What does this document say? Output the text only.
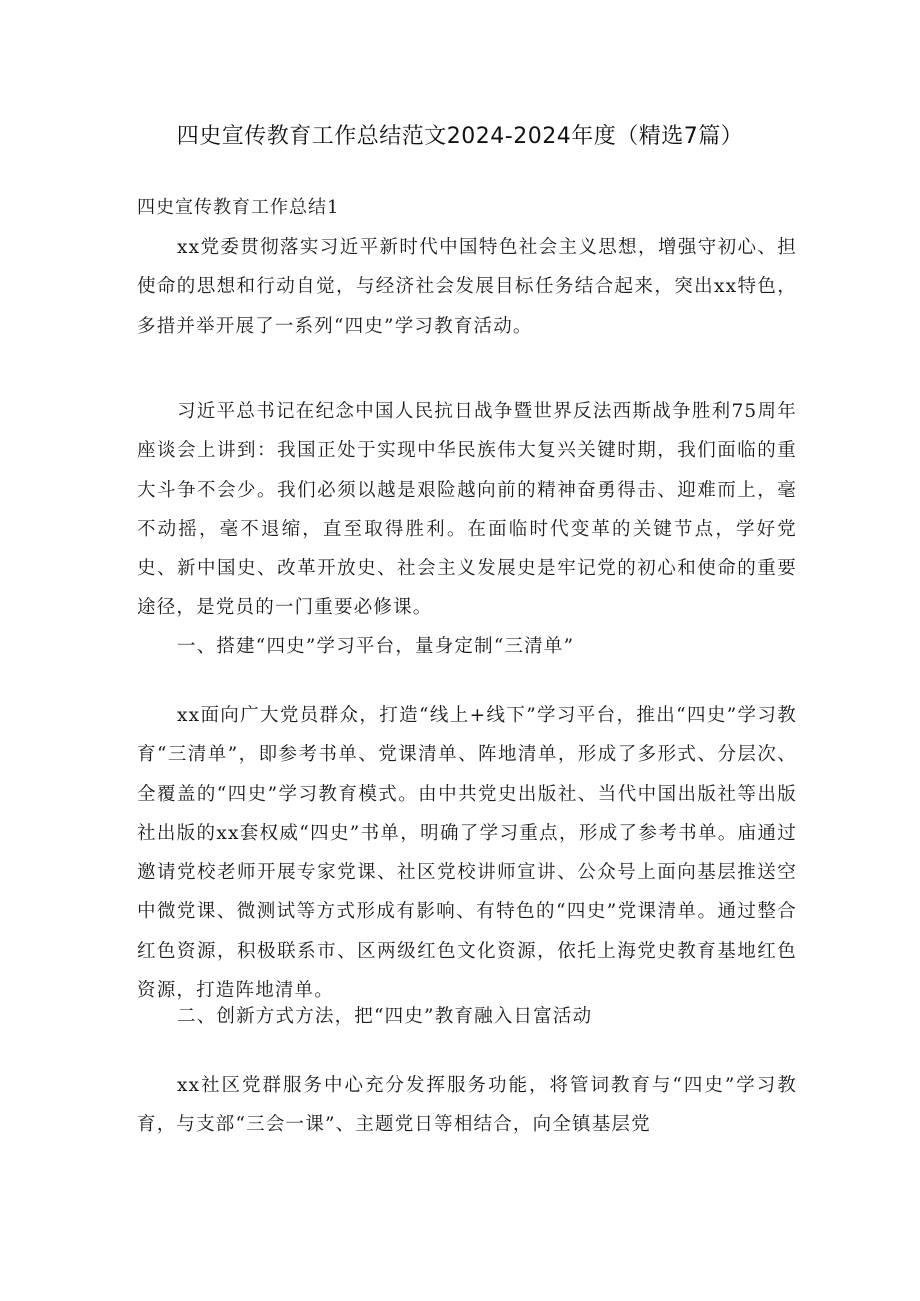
四史宣传教育工作总结范文2024-2024年度（精选7篇）
四史宣传教育工作总结1

xx党委贯彻落实习近平新时代中国特色社会主义思想，增强守初心、担使命的思想和行动自觉，与经济社会发展目标任务结合起来，突出xx特色，多措并举开展了一系列“四史”学习教育活动。

习近平总书记在纪念中国人民抗日战争暨世界反法西斯战争胜利75周年座谈会上讲到：我国正处于实现中华民族伟大复兴关键时期，我们面临的重大斗争不会少。我们必须以越是艰险越向前的精神奋勇得击、迎难而上，毫不动摇，毫不退缩，直至取得胜利。在面临时代变革的关键节点，学好党史、新中国史、改革开放史、社会主义发展史是牢记党的初心和使命的重要途径，是党员的一门重要必修课。

一、搭建“四史”学习平台，量身定制“三清单”

xx面向广大党员群众，打造“线上+线下”学习平台，推出“四史”学习教育“三清单”，即参考书单、党课清单、阵地清单，形成了多形式、分层次、全覆盖的“四史”学习教育模式。由中共党史出版社、当代中国出版社等出版社出版的xx套权威“四史”书单，明确了学习重点，形成了参考书单。庙通过邀请党校老师开展专家党课、社区党校讲师宣讲、公众号上面向基层推送空中微党课、微测试等方式形成有影响、有特色的“四史”党课清单。通过整合红色资源，积极联系市、区两级红色文化资源，依托上海党史教育基地红色资源，打造阵地清单。

二、创新方式方法，把“四史”教育融入日富活动

xx社区党群服务中心充分发挥服务功能，将管词教育与“四史”学习教育，与支部“三会一课”、主题党日等相结合，向全镇基层党
